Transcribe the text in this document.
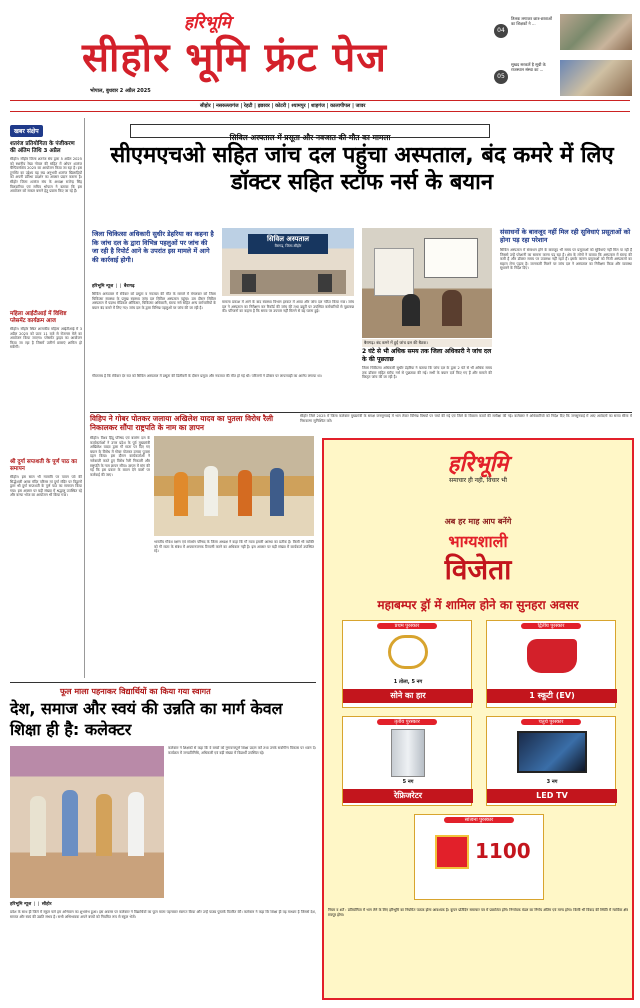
हरिभूमि
सीहोर भूमि फ्रंट पेज
भोपाल, बुधवार 2 अप्रैल 2025
04
तिलक लगाकर छात्र-छात्राओं का शिक्षकों ने ...
05
सुखद सरकारें है सूची के राजस्थान संस्था का ...
सीहोर | नसरुल्लागंज | रेहटी | इछावर | कोटरी | श्यामपुर | शाहगंज | कालापीपल | जावर
खबर संक्षेप
शतरंज प्रतियोगिता के पंजीकरण की अंतिम तिथि 3 अप्रैल
सीहोर। सीहोर जिला शतरंज संघ द्वारा 5 अप्रैल 2025 को स्थानीय रेखा नोवल की सहित में ओपन शतरंज चैम्पियनशिप 2025 का आयोजन किया जा रहा है। इस टूर्नामेंट का उद्देश्य यह रख अनुभवी शतरंज खिलाड़ियों को अपनी प्रतिभा प्रदर्शन का अवसर प्रदान कराना है। सीहोर जिला शतरंज संघ के अध्यक्ष राजेन्द्र सिंह विलदारिया एवं सचिव भोपाल ने बताया कि इस आयोजन को सफल बनाने हेतु प्रयास किए जा रहे हैं।
महिला आईटीआई में विशिष्ट प्लेसमेंट कार्यक्रम आज
सीहोर। सीहोर स्थित शासकीय महिला आईटीआई में 3 अप्रैल 2025 को प्रातः 11 बजे से रोजगार मेले का आयोजन किया जाएगा। प्लेसमेंट ड्राइव का आयोजन किया जा रहा है जिसमें उत्तीर्ण छात्राएं शामिल हो सकेंगी।
श्री दुर्गा सप्तशती के पूर्ण पाठ का समापन
सीहोर। इस साल भी नवरात्रि पर पावन पर्व की सिद्धेश्वरी अम्बा मंदिर परिसर मां दुर्गा मंदिर पर विद्वानों द्वारा श्री दुर्गा सप्तशती के पूर्ण पाठ का समापन किया गया। इस अवसर पर बड़ी संख्या में श्रद्धालु उपस्थित रहे और कन्या भोज का आयोजन भी किया गया।
सिविल अस्पताल में प्रसूता और नवजात की मौत का मामला
सीएमएचओ सहित जांच दल पहुंचा अस्पताल, बंद कमरे में लिए डॉक्टर सहित स्टॉफ नर्स के बयान
जिला चिकित्सा अधिकारी सुधीर डेहरिया का कहना है कि जांच दल के द्वारा विभिन्न पहलुओं पर जांच की जा रही है रिपोर्ट आने के उपरांत इस मामले में आगे की कार्रवाई होगी।
हरिभूमि न्यूज ❘❘ बैरागढ़
सिविल अस्पताल में रविवार को प्रसूता व नवजात की मौत के मामले में मंगलवार को जिला चिकित्सा स्वास्थ्य के प्रमुख स्वास्थ्य जांच दल सिविल अस्पताल पहुंचा। उस दौरान सिविल अस्पताल में पदस्थ मेडिकल ऑफिसर, चिकित्सा अधिकारी, स्टाफ नर्स सहित अन्य कर्मचारियों के बयान बंद कमरे में लिए गए। जांच दल के द्वारा विभिन्न पहलुओं पर जांच की जा रही है।
सिविल अस्पताल
बैरागढ़, जिला-सीहोर
मामला प्रकाश में आने के बाद स्वास्थ्य विभाग हरकत में आया और जांच दल गठित किया गया। जांच दल ने अस्पताल का निरीक्षण कर रिकॉर्ड की जांच की तथा ड्यूटी पर उपस्थित कर्मचारियों से पूछताछ की। परिजनों का कहना है कि समय पर उपचार नहीं मिलने से यह घटना हुई।
बैरागढ़। बंद कमरे में हुई जांच दल की बैठक।
2 घंटे से भी अधिक समय तक जिला अधिकारी ने जांच दल के की पूछताछ
जिला चिकित्सा अधिकारी सुधीर डेहरिया ने बताया कि जांच दल के द्वारा 2 घंटे से भी अधिक समय तक डॉक्टर सहित स्टॉफ नर्स से पूछताछ की गई। सभी के बयान दर्ज किए गए हैं और मामले की विस्तृत जांच की जा रही है।
गौरतलब है कि रविवार देर रात को सिविल अस्पताल में प्रसूता की डिलीवरी के दौरान प्रसूता और नवजात की मौत हो गई थी। परिजनों ने डॉक्टर पर लापरवाही का आरोप लगाया था।
संसाधनों के बावजूद नहीं मिल रही सुविधाएं प्रसूताओं को होना पड़ रहा परेशान
सिविल अस्पताल में संसाधन होने के बावजूद भी समय पर प्रसूताओं को सुविधाएं नहीं मिल पा रही हैं जिससे उन्हें परेशानी का सामना करना पड़ रहा है। क्षेत्र के लोगों ने बताया कि अस्पताल में स्टाफ की कमी है और डॉक्टर समय पर उपलब्ध नहीं रहते हैं। इसके कारण प्रसूताओं को निजी अस्पतालों का सहारा लेना पड़ता है। जानकारी मिलने पर जांच दल ने अस्पताल का निरीक्षण किया और व्यवस्था सुधारने के निर्देश दिए।
सीहोर जिले 2025 में जिला कलेक्टर मुख्यमंत्री के समक्ष जनसुनवाई में भाग लेकर विभिन्न विषयों पर चर्चा की गई एवं जिले के विकास कार्यों की समीक्षा की गई। कलेक्टर ने अधिकारियों को निर्देश दिए कि जनसुनवाई में आए आवेदनों का समय सीमा में निराकरण सुनिश्चित करें।
विहिप ने गोबर पोतकर जलाया अखिलेश यादव का पुतला विरोध रैली निकालकर सौंपा राष्ट्रपति के नाम का ज्ञापन
सीहोर। विश्व हिंदू परिषद एवं बजरंग दल के कार्यकर्ताओं ने उत्तर प्रदेश के पूर्व मुख्यमंत्री अखिलेश यादव द्वारा गौ माता पर दिए गए बयान के विरोध में गोबर पोतकर उनका पुतला दहन किया। इस दौरान कार्यकर्ताओं ने नारेबाजी करते हुए विरोध रैली निकाली और राष्ट्रपति के नाम ज्ञापन सौंपा। ज्ञापन में मांग की गई कि इस प्रकार के बयान देने वालों पर कार्रवाई की जाए।
भारतीय गौवंश रक्षण एवं संवर्धन परिषद के जिला अध्यक्ष ने कहा कि गौ माता हमारी आस्था का प्रतीक है। किसी भी व्यक्ति को गौ माता के संबंध में अपमानजनक टिप्पणी करने का अधिकार नहीं है। इस अवसर पर बड़ी संख्या में कार्यकर्ता उपस्थित रहे।
हरिभूमि
समाचार ही नहीं, विचार भी
अब हर माह आप बनेंगे
भाग्यशाली
विजेता
महाबम्पर ड्रॉ में शामिल होने का सुनहरा अवसर
प्रथम पुरस्कार
1 तोला, 5 नग
सोने का हार
द्वितीय पुरस्कार
1 स्कूटी (EV)
तृतीय पुरस्कार
5 नग
रेफ्रिजरेटर
चतुर्थ पुरस्कार
3 नग
LED TV
सांत्वना पुरस्कार
1100
नियम व शर्तें : प्रतियोगिता में भाग लेने के लिए हरिभूमि का नियमित पाठक होना आवश्यक है। कूपन प्रतिदिन समाचार पत्र में प्रकाशित होंगे। निर्णायक मंडल का निर्णय अंतिम एवं मान्य होगा। किसी भी विवाद की स्थिति में न्यायिक क्षेत्र रायपुर होगा।
फूल माला पहनाकर विद्यार्थियों का किया गया स्वागत
देश, समाज और स्वयं की उन्नति का मार्ग केवल शिक्षा ही है: कलेक्टर
कलेक्टर ने शिक्षकों से कहा कि वे बच्चों को गुणवत्तापूर्ण शिक्षा प्रदान करें तथा उनके सर्वांगीण विकास पर ध्यान दें। कार्यक्रम में जनप्रतिनिधि, अधिकारी एवं बड़ी संख्या में विद्यार्थी उपस्थित रहे।
हरिभूमि न्यूज ❘❘ सीहोर
प्रवेश के साथ ही जिले में स्कूल चले हम अभियान का शुभारंभ हुआ। इस अवसर पर कलेक्टर ने विद्यार्थियों का फूल माला पहनाकर स्वागत किया और उन्हें पाठ्य पुस्तकें वितरित कीं। कलेक्टर ने कहा कि शिक्षा ही वह माध्यम है जिससे देश, समाज और स्वयं की उन्नति संभव है। सभी अभिभावक अपने बच्चों को नियमित रूप से स्कूल भेजें।
